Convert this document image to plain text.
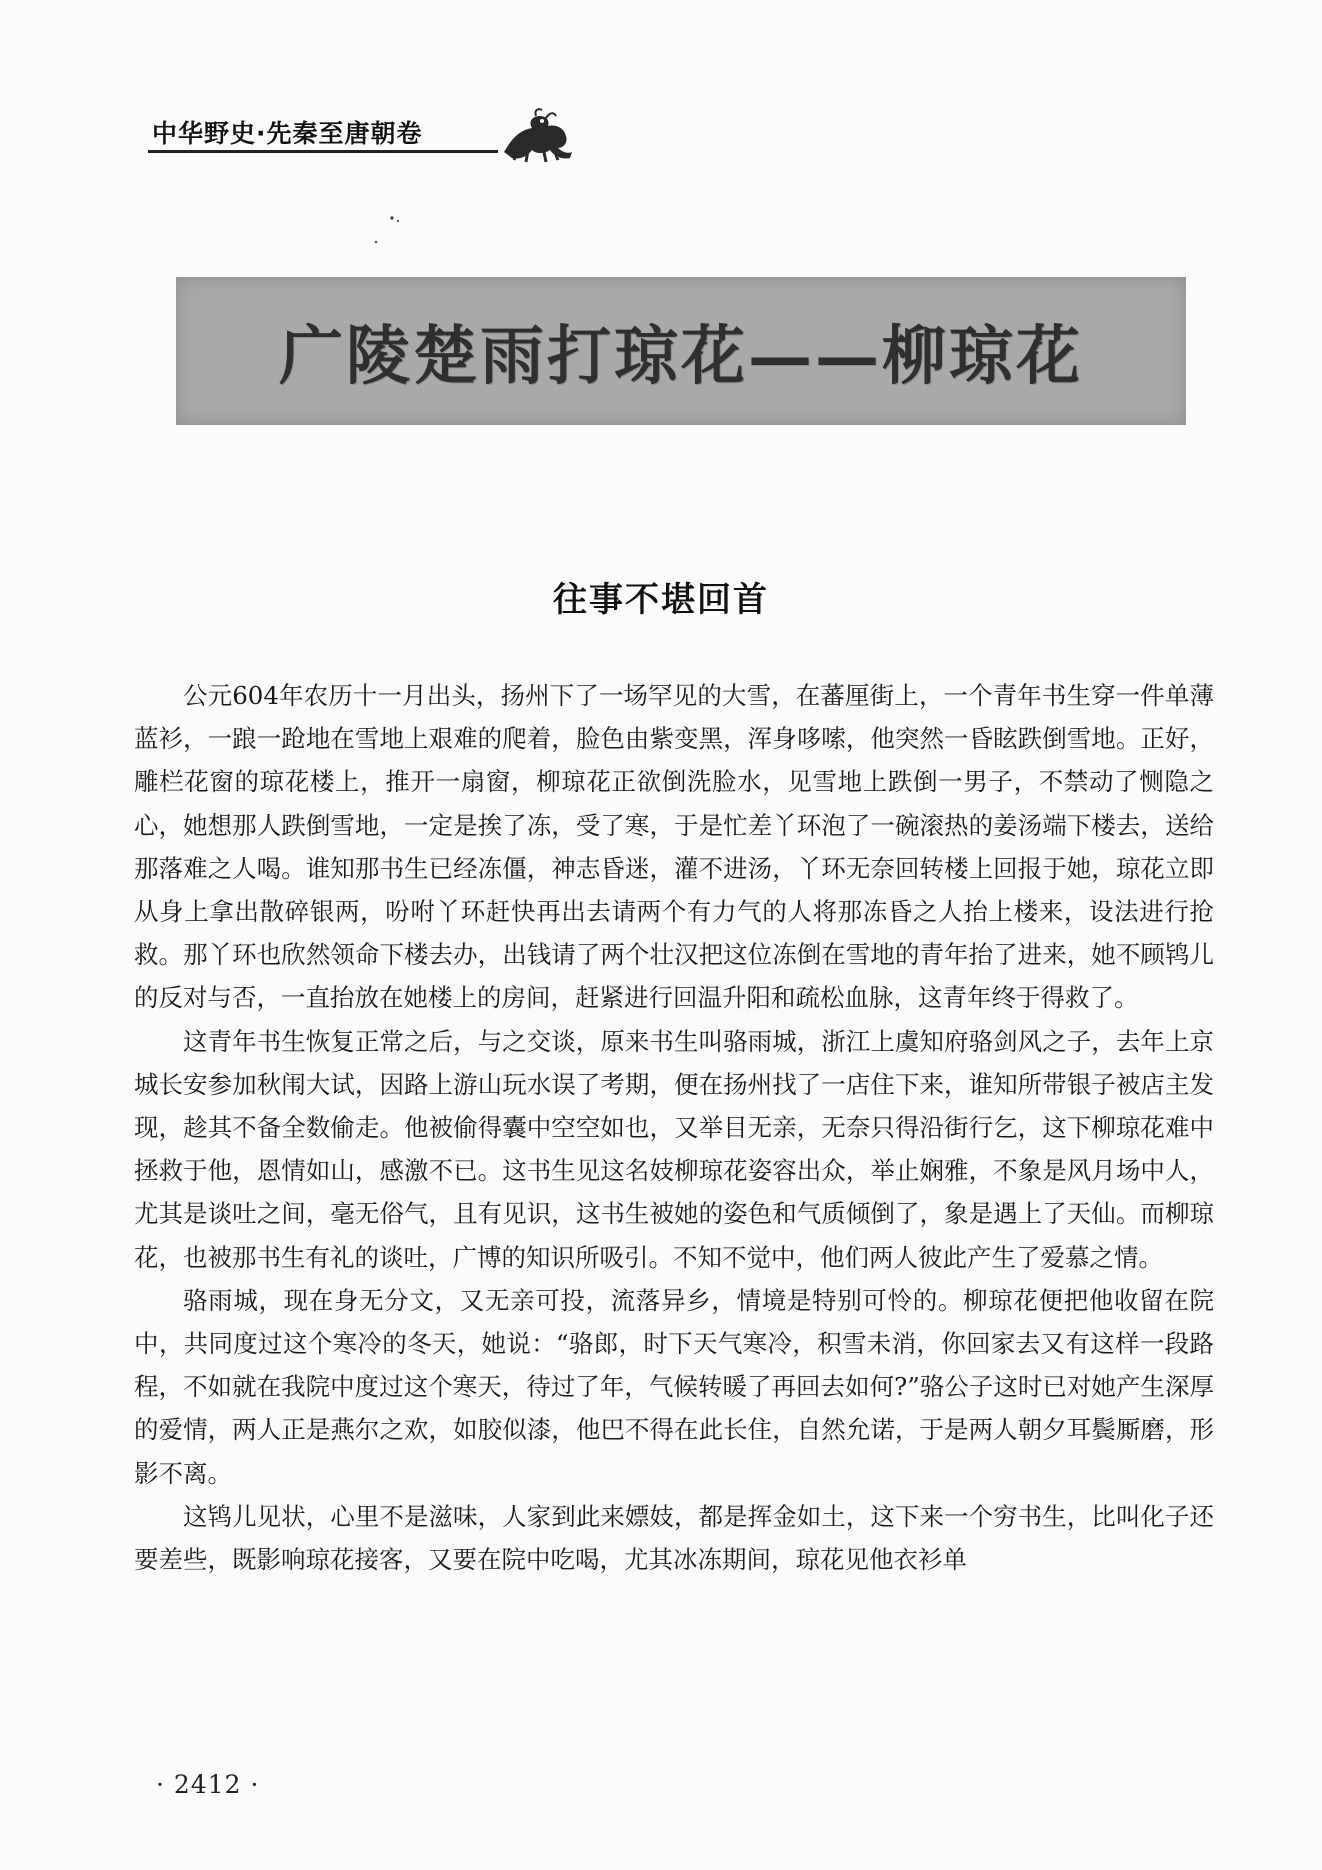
中华野史·先秦至唐朝卷
广陵楚雨打琼花——柳琼花
往事不堪回首

公元604年农历十一月出头，扬州下了一场罕见的大雪，在蕃厘街上，一个青年书生穿一件单薄蓝衫，一踉一跄地在雪地上艰难的爬着，脸色由紫变黑，浑身哆嗦，他突然一昏眩跌倒雪地。正好，雕栏花窗的琼花楼上，推开一扇窗，柳琼花正欲倒洗脸水，见雪地上跌倒一男子，不禁动了恻隐之心，她想那人跌倒雪地，一定是挨了冻，受了寒，于是忙差丫环泡了一碗滚热的姜汤端下楼去，送给那落难之人喝。谁知那书生已经冻僵，神志昏迷，灌不进汤，丫环无奈回转楼上回报于她，琼花立即从身上拿出散碎银两，吩咐丫环赶快再出去请两个有力气的人将那冻昏之人抬上楼来，设法进行抢救。那丫环也欣然领命下楼去办，出钱请了两个壮汉把这位冻倒在雪地的青年抬了进来，她不顾鸨儿的反对与否，一直抬放在她楼上的房间，赶紧进行回温升阳和疏松血脉，这青年终于得救了。

这青年书生恢复正常之后，与之交谈，原来书生叫骆雨城，浙江上虞知府骆剑风之子，去年上京城长安参加秋闱大试，因路上游山玩水误了考期，便在扬州找了一店住下来，谁知所带银子被店主发现，趁其不备全数偷走。他被偷得囊中空空如也，又举目无亲，无奈只得沿街行乞，这下柳琼花难中拯救于他，恩情如山，感激不已。这书生见这名妓柳琼花姿容出众，举止娴雅，不象是风月场中人，尤其是谈吐之间，毫无俗气，且有见识，这书生被她的姿色和气质倾倒了，象是遇上了天仙。而柳琼花，也被那书生有礼的谈吐，广博的知识所吸引。不知不觉中，他们两人彼此产生了爱慕之情。

骆雨城，现在身无分文，又无亲可投，流落异乡，情境是特别可怜的。柳琼花便把他收留在院中，共同度过这个寒冷的冬天，她说：“骆郎，时下天气寒冷，积雪未消，你回家去又有这样一段路程，不如就在我院中度过这个寒天，待过了年，气候转暖了再回去如何?”骆公子这时已对她产生深厚的爱情，两人正是燕尔之欢，如胶似漆，他巴不得在此长住，自然允诺，于是两人朝夕耳鬓厮磨，形影不离。

这鸨儿见状，心里不是滋味，人家到此来嫖妓，都是挥金如土，这下来一个穷书生，比叫化子还要差些，既影响琼花接客，又要在院中吃喝，尤其冰冻期间，琼花见他衣衫单

· 2412 ·
